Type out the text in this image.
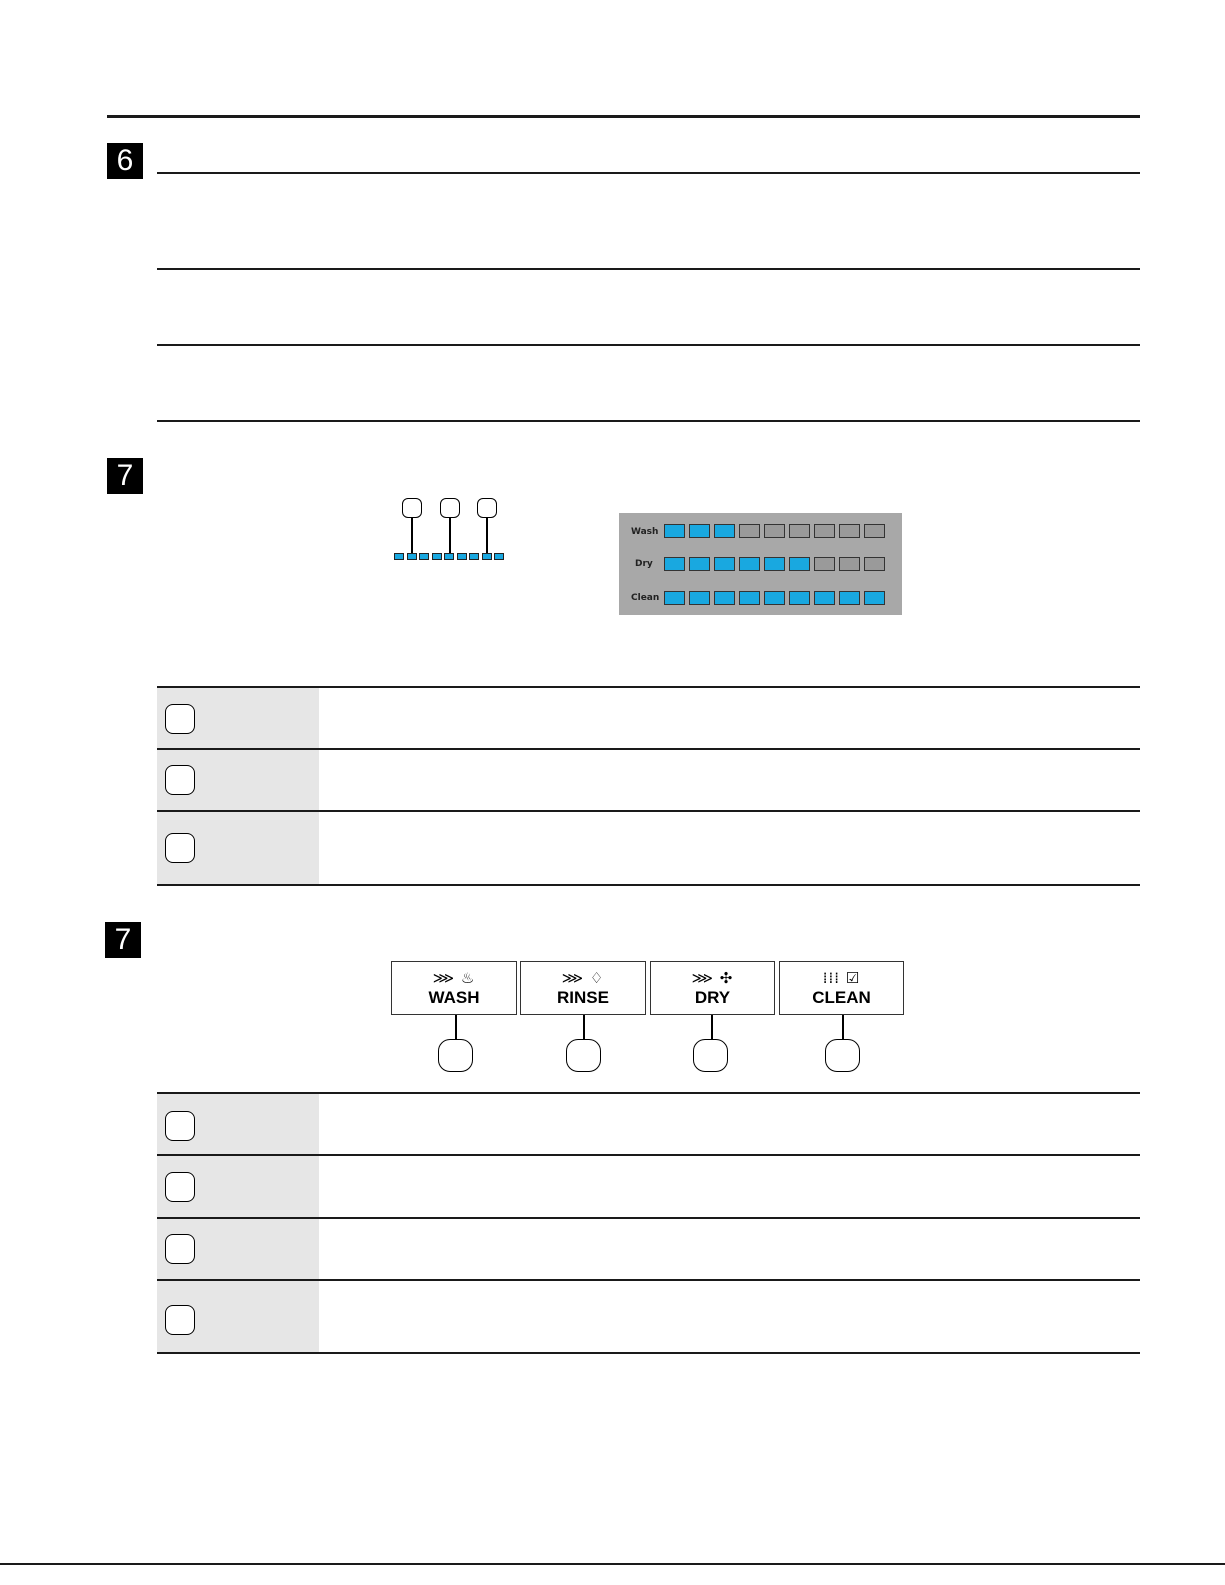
6
7
Wash
Dry
Clean
7
⋙ ♨
WASH
⋙ ♢
RINSE
⋙ ✣
DRY
⁞⁞⁞ ☑
CLEAN
